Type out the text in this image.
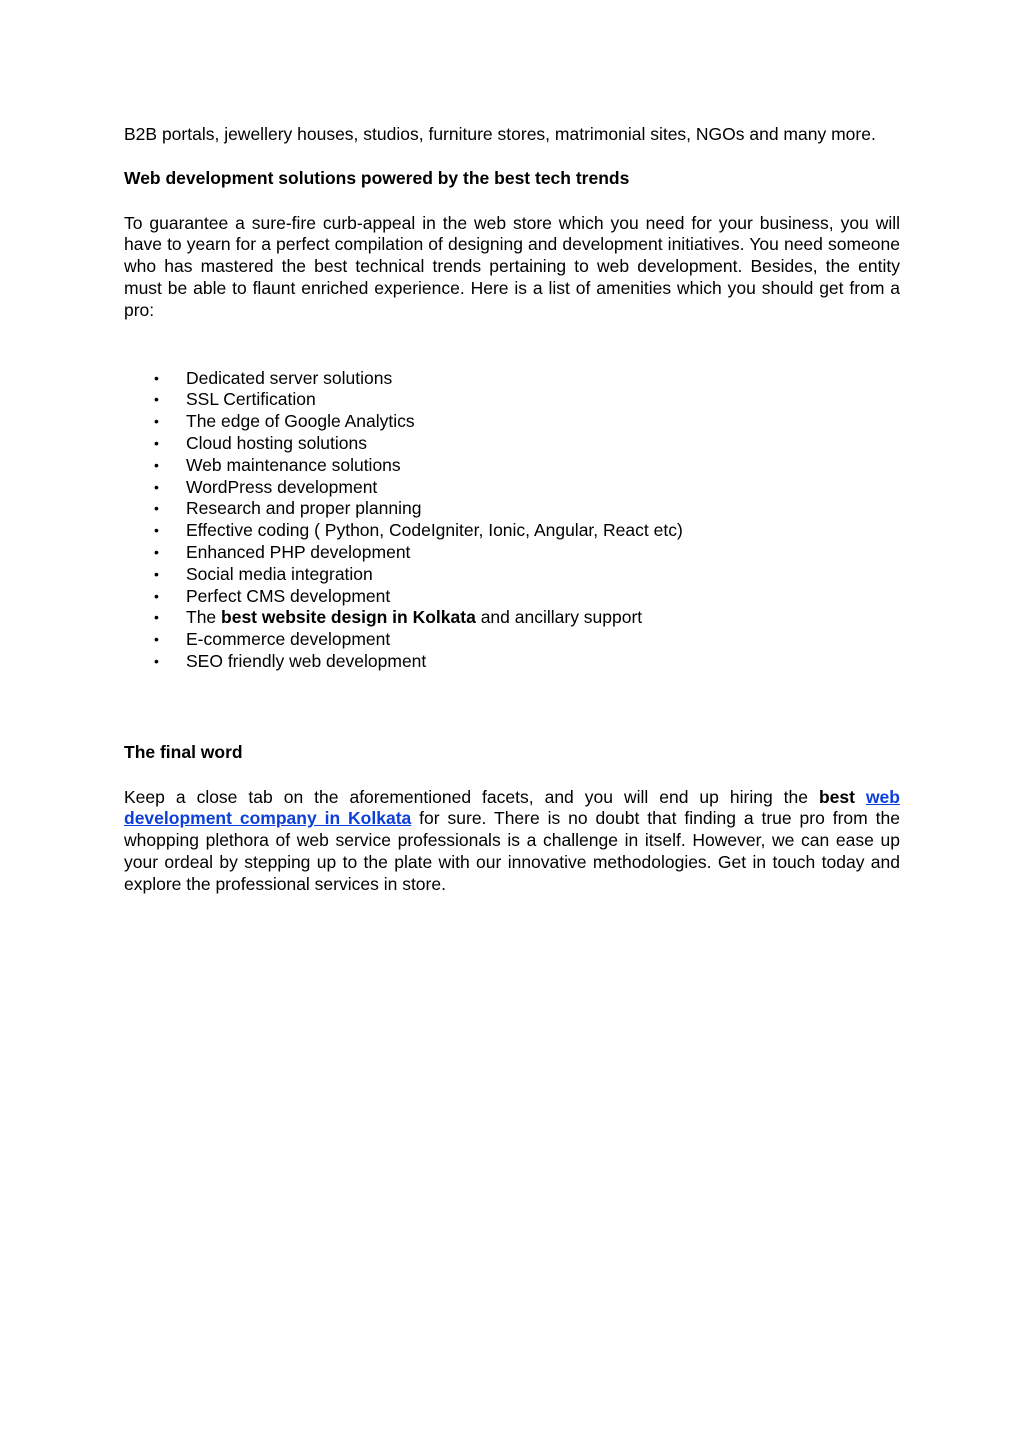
B2B portals, jewellery houses, studios, furniture stores, matrimonial sites, NGOs and many more.

Web development solutions powered by the best tech trends

To guarantee a sure-fire curb-appeal in the web store which you need for your business, you will have to yearn for a perfect compilation of designing and development initiatives. You need someone who has mastered the best technical trends pertaining to web development. Besides, the entity must be able to flaunt enriched experience. Here is a list of amenities which you should get from a pro:

• Dedicated server solutions
• SSL Certification
• The edge of Google Analytics
• Cloud hosting solutions
• Web maintenance solutions
• WordPress development
• Research and proper planning
• Effective coding ( Python, CodeIgniter, Ionic, Angular, React etc)
• Enhanced PHP development
• Social media integration
• Perfect CMS development
• The best website design in Kolkata and ancillary support
• E-commerce development
• SEO friendly web development
The final word

Keep a close tab on the aforementioned facets, and you will end up hiring the best web development company in Kolkata for sure. There is no doubt that finding a true pro from the whopping plethora of web service professionals is a challenge in itself. However, we can ease up your ordeal by stepping up to the plate with our innovative methodologies. Get in touch today and explore the professional services in store.
